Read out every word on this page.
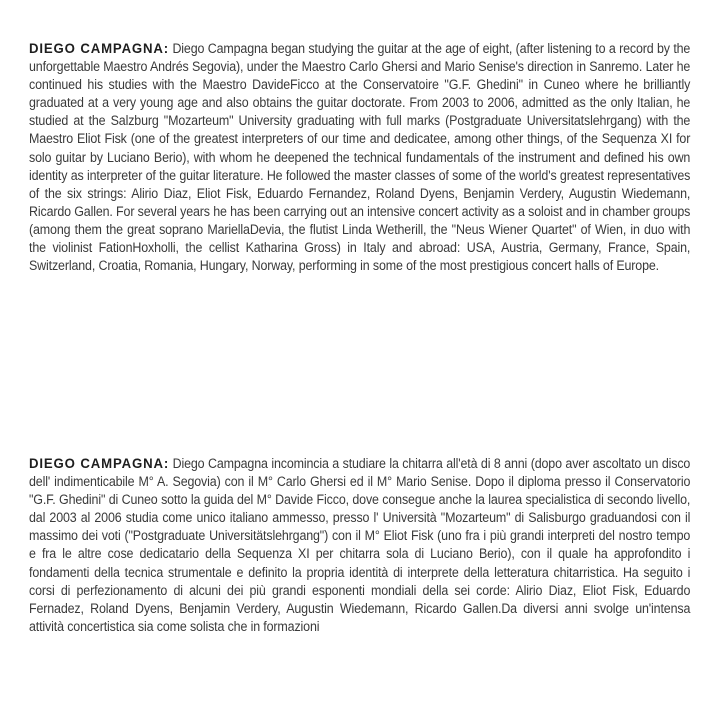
DIEGO CAMPAGNA: Diego Campagna began studying the guitar at the age of eight, (after listening to a record by the unforgettable Maestro Andrés Segovia), under the Maestro Carlo Ghersi and Mario Senise's direction in Sanremo. Later he continued his studies with the Maestro DavideFicco at the Conservatoire "G.F. Ghedini" in Cuneo where he brilliantly graduated at a very young age and also obtains the guitar doctorate. From 2003 to 2006, admitted as the only Italian, he studied at the Salzburg "Mozarteum" University graduating with full marks (Postgraduate Universitatslehrgang) with the Maestro Eliot Fisk (one of the greatest interpreters of our time and dedicatee, among other things, of the Sequenza XI for solo guitar by Luciano Berio), with whom he deepened the technical fundamentals of the instrument and defined his own identity as interpreter of the guitar literature. He followed the master classes of some of the world's greatest representatives of the six strings: Alirio Diaz, Eliot Fisk, Eduardo Fernandez, Roland Dyens, Benjamin Verdery, Augustin Wiedemann, Ricardo Gallen. For several years he has been carrying out an intensive concert activity as a soloist and in chamber groups (among them the great soprano MariellaDevia, the flutist Linda Wetherill, the "Neus Wiener Quartet" of Wien, in duo with the violinist FationHoxholli, the cellist Katharina Gross) in Italy and abroad: USA, Austria, Germany, France, Spain, Switzerland, Croatia, Romania, Hungary, Norway, performing in some of the most prestigious concert halls of Europe.

DIEGO CAMPAGNA: Diego Campagna incomincia a studiare la chitarra all'età di 8 anni (dopo aver ascoltato un disco dell' indimenticabile M° A. Segovia) con il M° Carlo Ghersi ed il M° Mario Senise. Dopo il diploma presso il Conservatorio "G.F. Ghedini" di Cuneo sotto la guida del M° Davide Ficco, dove consegue anche la laurea specialistica di secondo livello, dal 2003 al 2006 studia come unico italiano ammesso, presso l' Università "Mozarteum" di Salisburgo graduandosi con il massimo dei voti ("Postgraduate Universitätslehrgang") con il M° Eliot Fisk (uno fra i più grandi interpreti del nostro tempo e fra le altre cose dedicatario della Sequenza XI per chitarra sola di Luciano Berio), con il quale ha approfondito i fondamenti della tecnica strumentale e definito la propria identità di interprete della letteratura chitarristica. Ha seguito i corsi di perfezionamento di alcuni dei più grandi esponenti mondiali della sei corde: Alirio Diaz, Eliot Fisk, Eduardo Fernadez, Roland Dyens, Benjamin Verdery, Augustin Wiedemann, Ricardo Gallen.Da diversi anni svolge un'intensa attività concertistica sia come solista che in formazioni
